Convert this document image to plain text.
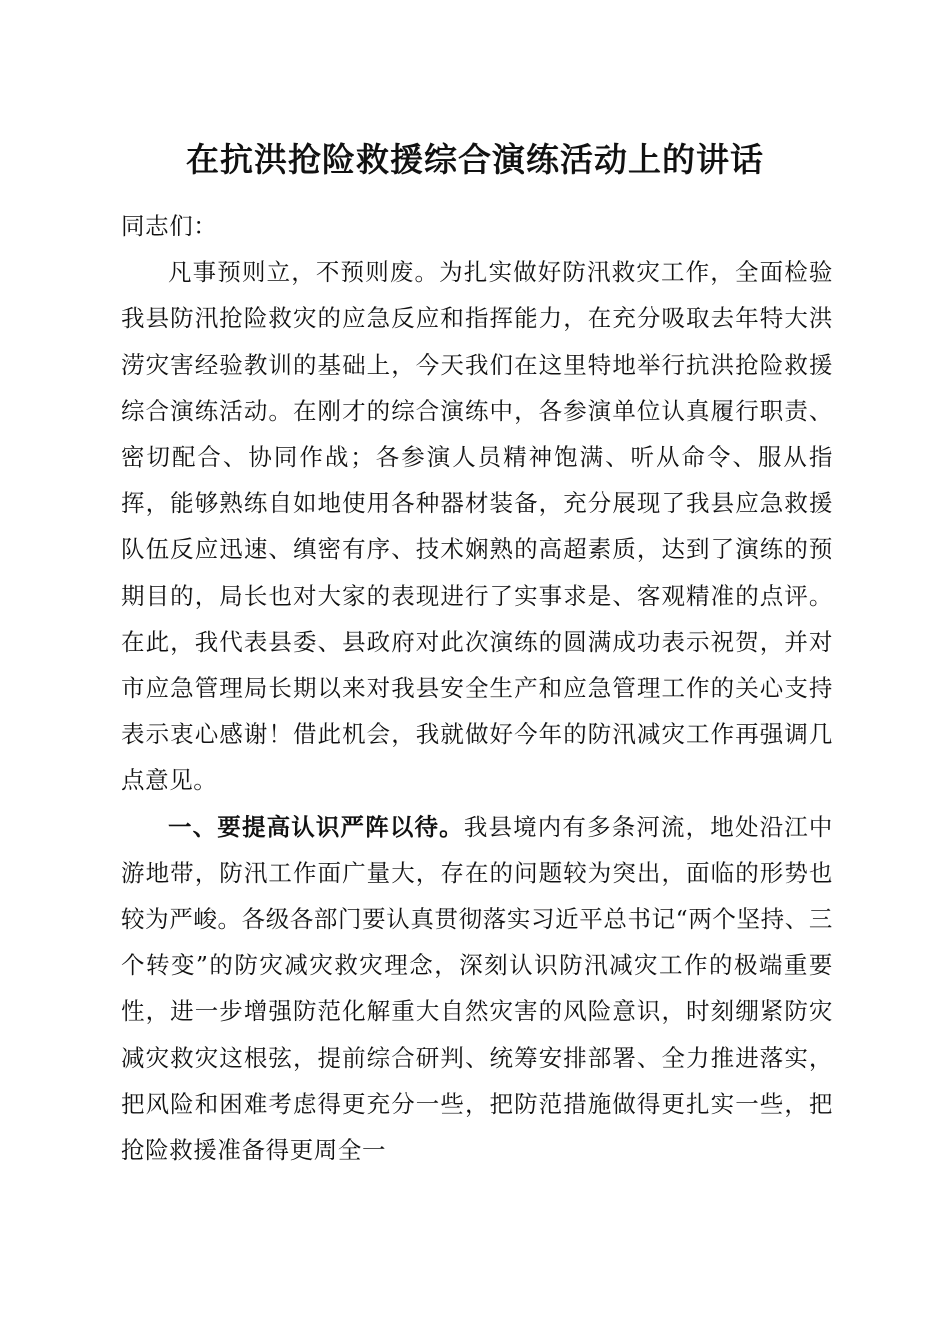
在抗洪抢险救援综合演练活动上的讲话

同志们：

凡事预则立，不预则废。为扎实做好防汛救灾工作，全面检验我县防汛抢险救灾的应急反应和指挥能力，在充分吸取去年特大洪涝灾害经验教训的基础上，今天我们在这里特地举行抗洪抢险救援综合演练活动。在刚才的综合演练中，各参演单位认真履行职责、密切配合、协同作战；各参演人员精神饱满、听从命令、服从指挥，能够熟练自如地使用各种器材装备，充分展现了我县应急救援队伍反应迅速、缜密有序、技术娴熟的高超素质，达到了演练的预期目的，局长也对大家的表现进行了实事求是、客观精准的点评。在此，我代表县委、县政府对此次演练的圆满成功表示祝贺，并对市应急管理局长期以来对我县安全生产和应急管理工作的关心支持表示衷心感谢！借此机会，我就做好今年的防汛减灾工作再强调几点意见。

一、要提高认识严阵以待。我县境内有多条河流，地处沿江中游地带，防汛工作面广量大，存在的问题较为突出，面临的形势也较为严峻。各级各部门要认真贯彻落实习近平总书记“两个坚持、三个转变”的防灾减灾救灾理念，深刻认识防汛减灾工作的极端重要性，进一步增强防范化解重大自然灾害的风险意识，时刻绷紧防灾减灾救灾这根弦，提前综合研判、统筹安排部署、全力推进落实，把风险和困难考虑得更充分一些，把防范措施做得更扎实一些，把抢险救援准备得更周全一
